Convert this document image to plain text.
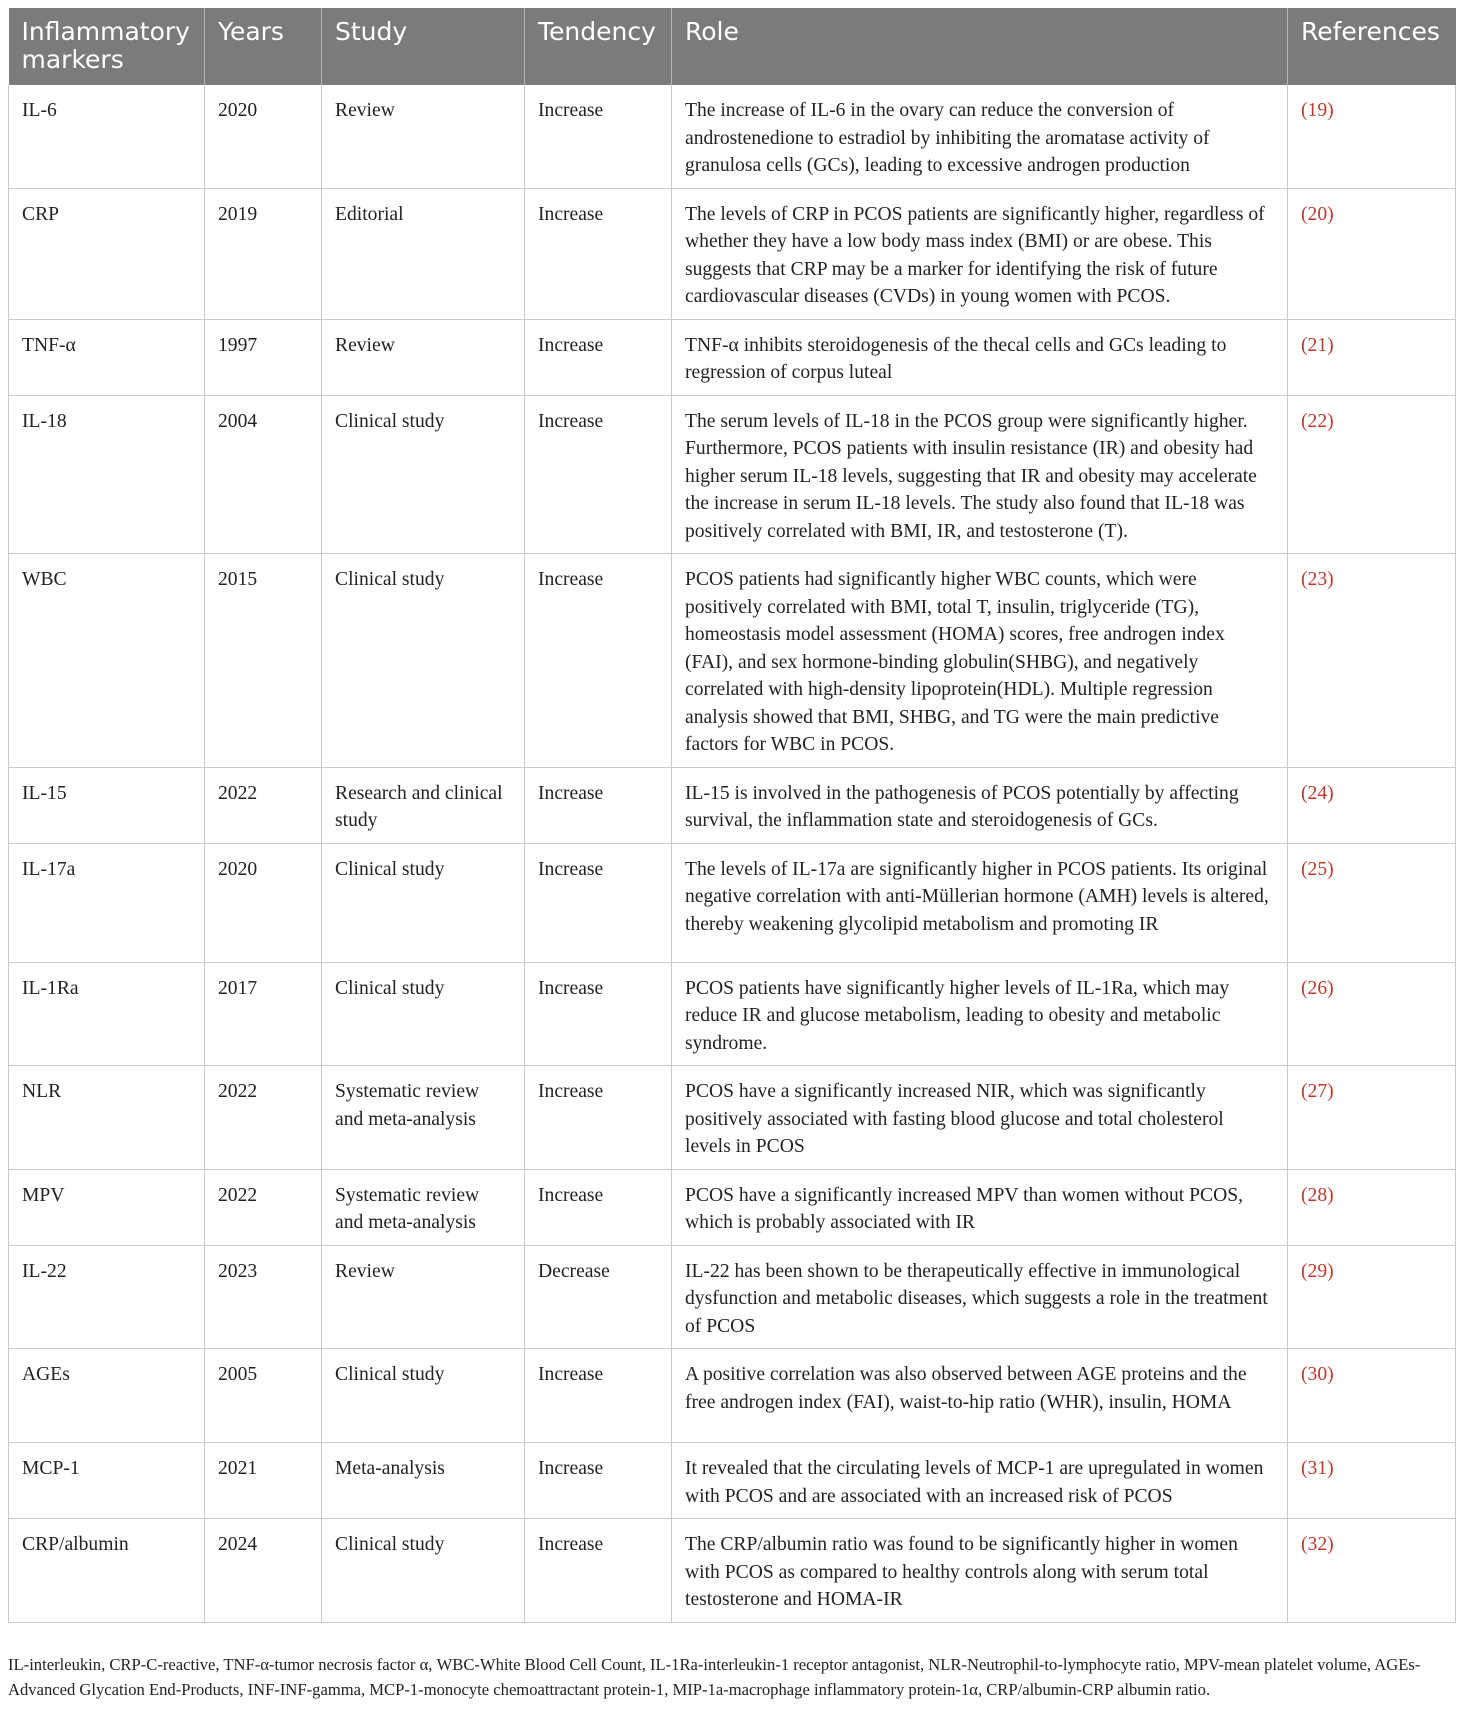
Inflammatory markers	Years	Study	Tendency	Role	References
IL-6	2020	Review	Increase	The increase of IL-6 in the ovary can reduce the conversion of androstenedione to estradiol by inhibiting the aromatase activity of granulosa cells (GCs), leading to excessive androgen production	(19)
CRP	2019	Editorial	Increase	The levels of CRP in PCOS patients are significantly higher, regardless of whether they have a low body mass index (BMI) or are obese. This suggests that CRP may be a marker for identifying the risk of future cardiovascular diseases (CVDs) in young women with PCOS.	(20)
TNF-α	1997	Review	Increase	TNF-α inhibits steroidogenesis of the thecal cells and GCs leading to regression of corpus luteal	(21)
IL-18	2004	Clinical study	Increase	The serum levels of IL-18 in the PCOS group were significantly higher. Furthermore, PCOS patients with insulin resistance (IR) and obesity had higher serum IL-18 levels, suggesting that IR and obesity may accelerate the increase in serum IL-18 levels. The study also found that IL-18 was positively correlated with BMI, IR, and testosterone (T).	(22)
WBC	2015	Clinical study	Increase	PCOS patients had significantly higher WBC counts, which were positively correlated with BMI, total T, insulin, triglyceride (TG), homeostasis model assessment (HOMA) scores, free androgen index (FAI), and sex hormone-binding globulin(SHBG), and negatively correlated with high-density lipoprotein(HDL). Multiple regression analysis showed that BMI, SHBG, and TG were the main predictive factors for WBC in PCOS.	(23)
IL-15	2022	Research and clinical study	Increase	IL-15 is involved in the pathogenesis of PCOS potentially by affecting survival, the inflammation state and steroidogenesis of GCs.	(24)
IL-17a	2020	Clinical study	Increase	The levels of IL-17a are significantly higher in PCOS patients. Its original negative correlation with anti-Müllerian hormone (AMH) levels is altered, thereby weakening glycolipid metabolism and promoting IR	(25)
IL-1Ra	2017	Clinical study	Increase	PCOS patients have significantly higher levels of IL-1Ra, which may reduce IR and glucose metabolism, leading to obesity and metabolic syndrome.	(26)
NLR	2022	Systematic review and meta-analysis	Increase	PCOS have a significantly increased NIR, which was significantly positively associated with fasting blood glucose and total cholesterol levels in PCOS	(27)
MPV	2022	Systematic review and meta-analysis	Increase	PCOS have a significantly increased MPV than women without PCOS, which is probably associated with IR	(28)
IL-22	2023	Review	Decrease	IL-22 has been shown to be therapeutically effective in immunological dysfunction and metabolic diseases, which suggests a role in the treatment of PCOS	(29)
AGEs	2005	Clinical study	Increase	A positive correlation was also observed between AGE proteins and the free androgen index (FAI), waist-to-hip ratio (WHR), insulin, HOMA	(30)
MCP-1	2021	Meta-analysis	Increase	It revealed that the circulating levels of MCP-1 are upregulated in women with PCOS and are associated with an increased risk of PCOS	(31)
CRP/albumin	2024	Clinical study	Increase	The CRP/albumin ratio was found to be significantly higher in women with PCOS as compared to healthy controls along with serum total testosterone and HOMA-IR	(32)
IL-interleukin, CRP-C-reactive, TNF-α-tumor necrosis factor α, WBC-White Blood Cell Count, IL-1Ra-interleukin-1 receptor antagonist, NLR-Neutrophil-to-lymphocyte ratio, MPV-mean platelet volume, AGEs-Advanced Glycation End-Products, INF-INF-gamma, MCP-1-monocyte chemoattractant protein-1, MIP-1a-macrophage inflammatory protein-1α, CRP/albumin-CRP albumin ratio.
